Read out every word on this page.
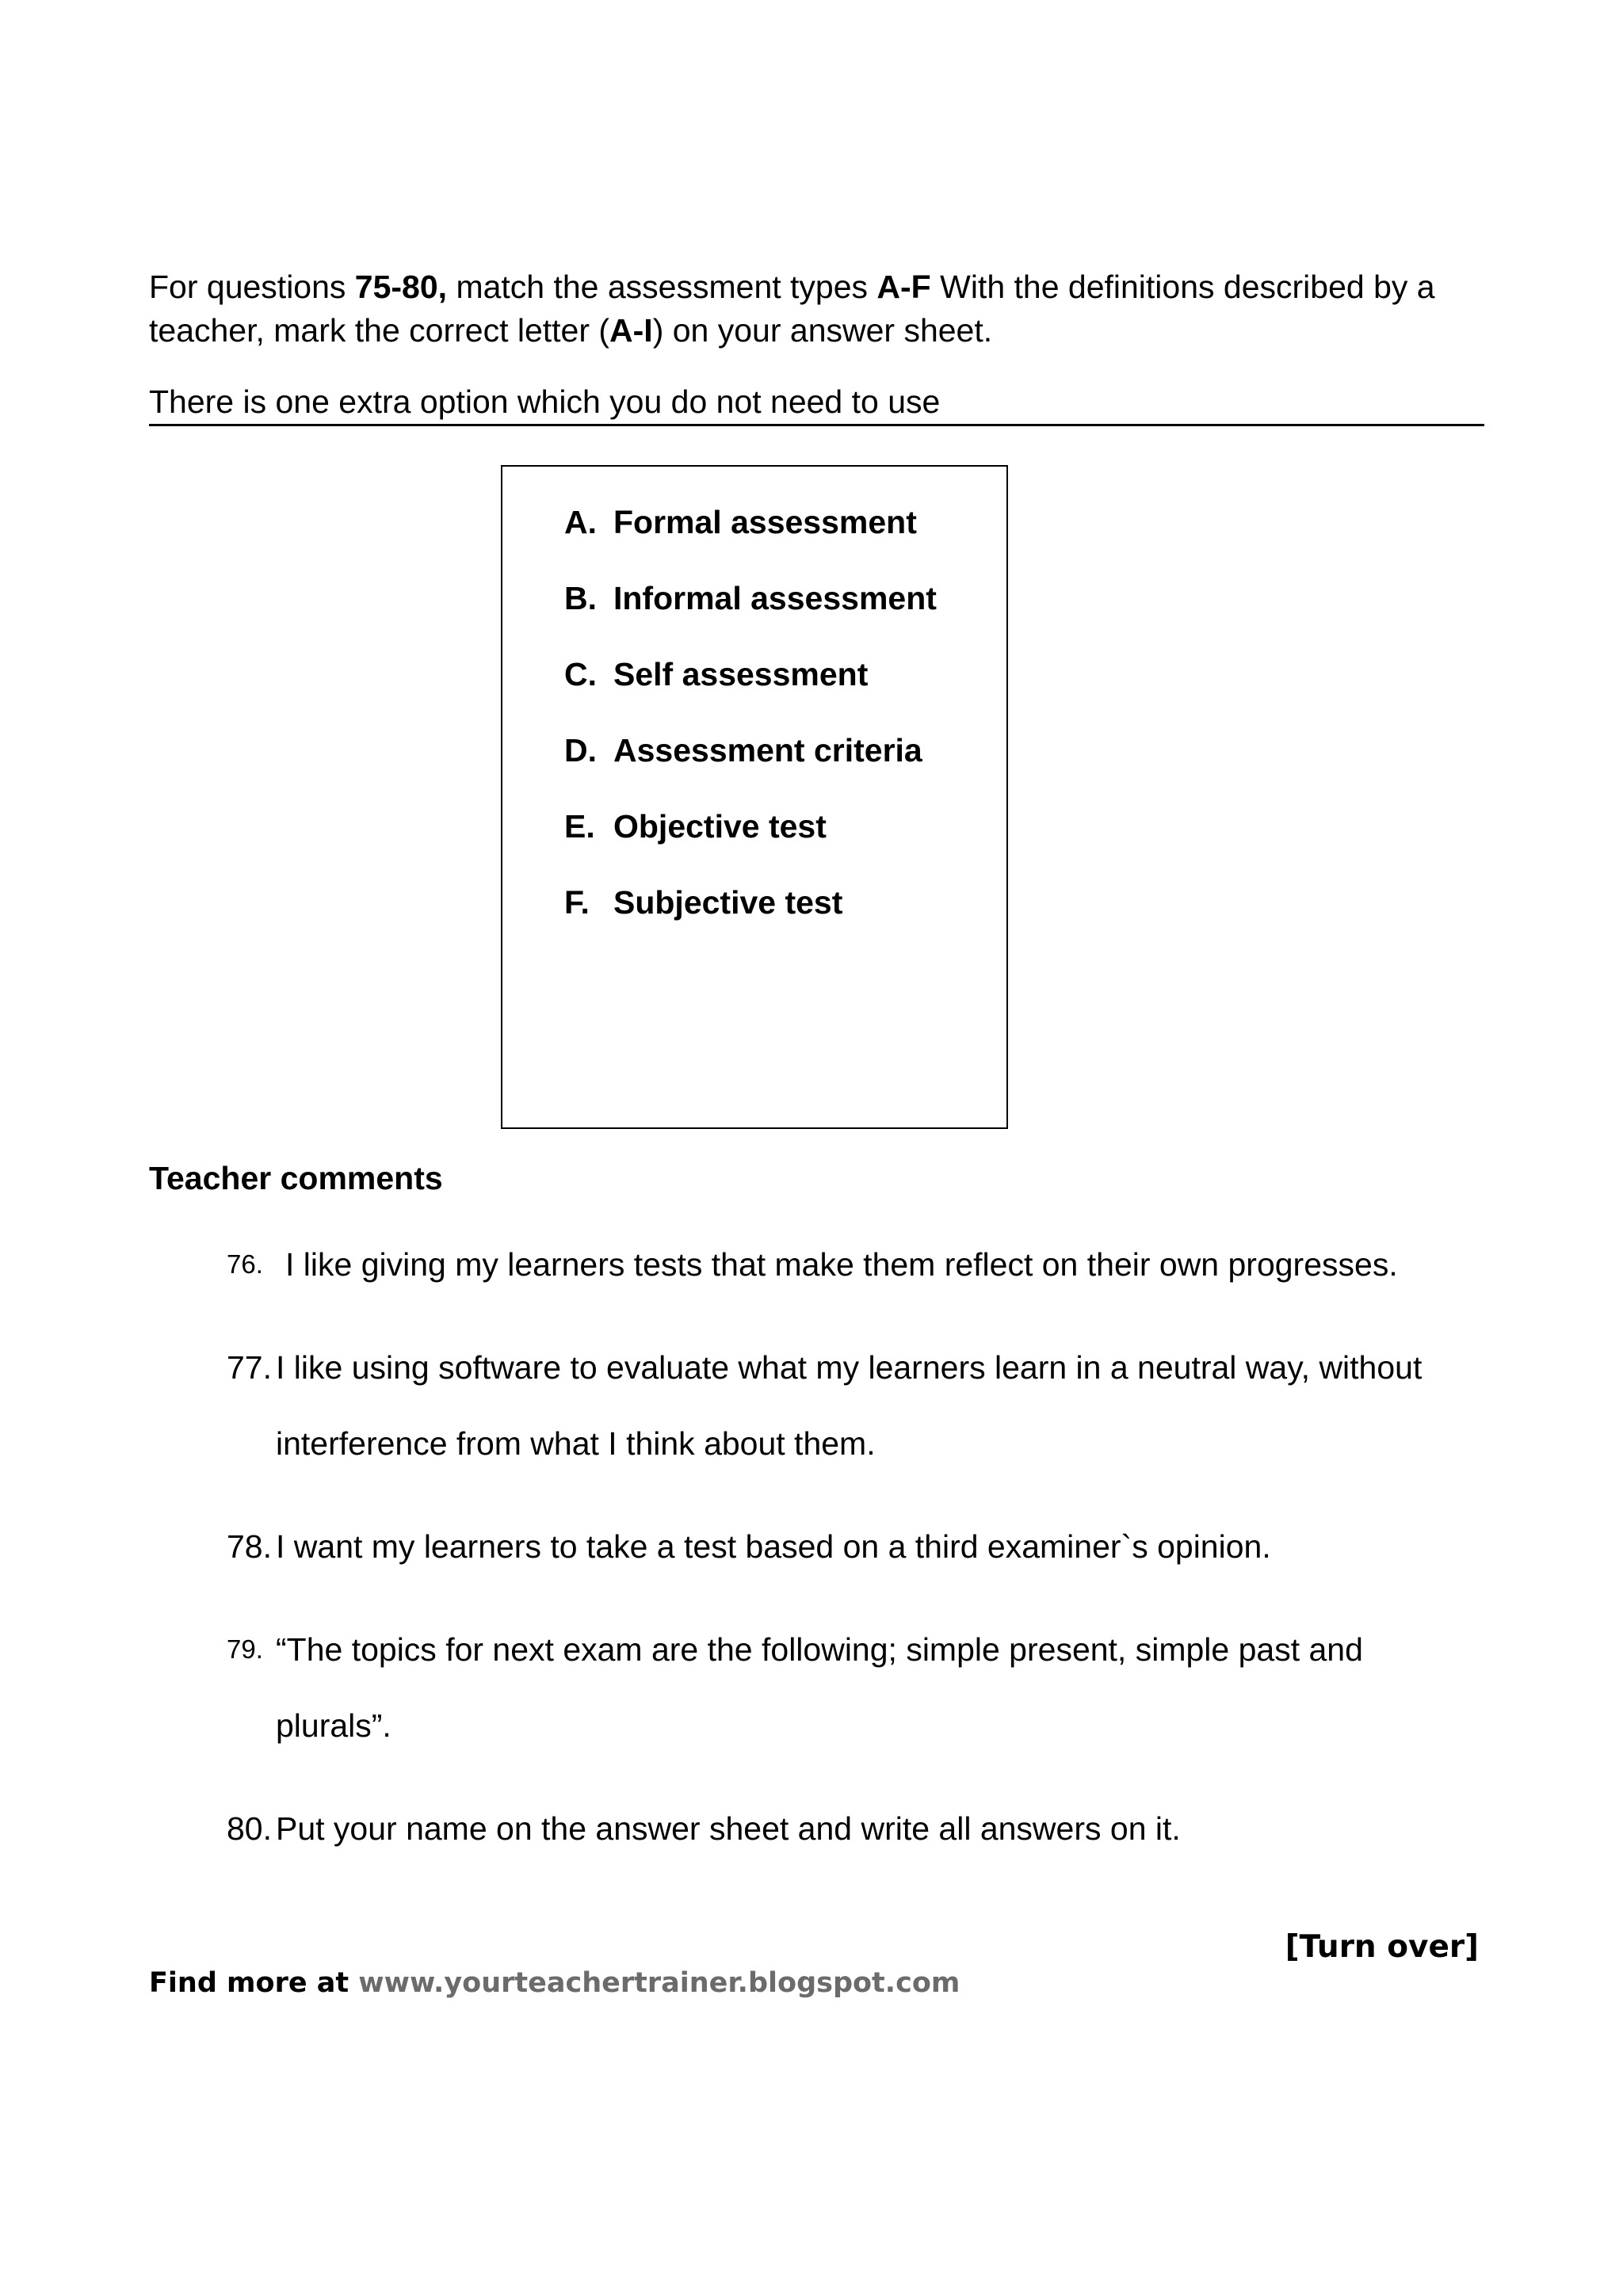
For questions 75-80, match the assessment types A-F With the definitions described by a teacher, mark the correct letter (A-I) on your answer sheet.
There is one extra option which you do not need to use
A. Formal assessment
B. Informal assessment
C. Self assessment
D. Assessment criteria
E. Objective test
F. Subjective test
Teacher comments
76. I like giving my learners tests that make them reflect on their own progresses.
77. I like using software to evaluate what my learners learn in a neutral way, without
interference from what I think about them.
78. I want my learners to take a test based on a third examiner`s opinion.
79. “The topics for next exam are the following; simple present, simple past and
plurals”.
80. Put your name on the answer sheet and write all answers on it.
[Turn over]
Find more at www.yourteachertrainer.blogspot.com
